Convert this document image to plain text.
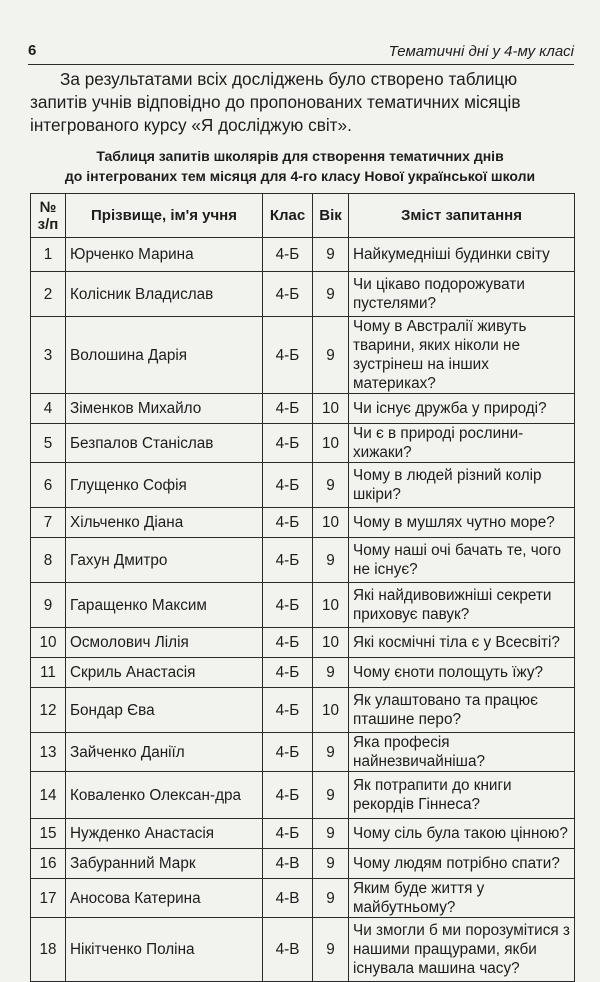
6	Тематичні дні у 4-му класі

За результатами всіх досліджень було створено таблицю запитів учнів відповідно до пропонованих тематичних місяців інтегрованого курсу «Я досліджую світ».

Таблиця запитів школярів для створення тематичних днів
до інтегрованих тем місяця для 4-го класу Нової української школи
№
з/п	Прізвище, ім'я учня	Клас	Вік	Зміст запитання
1	Юрченко Марина	4-Б	9	Найкумедніші будинки світу
2	Колісник Владислав	4-Б	9	Чи цікаво подорожувати пустелями?
3	Волошина Дарія	4-Б	9	Чому в Австралії живуть тварини, яких ніколи не зустрінеш на інших материках?
4	Зіменков Михайло	4-Б	10	Чи існує дружба у природі?
5	Безпалов Станіслав	4-Б	10	Чи є в природі рослини-хижаки?
6	Глущенко Софія	4-Б	9	Чому в людей різний колір шкіри?
7	Хільченко Діана	4-Б	10	Чому в мушлях чутно море?
8	Гахун Дмитро	4-Б	9	Чому наші очі бачать те, чого не існує?
9	Гаращенко Максим	4-Б	10	Які найдивовижніші секрети приховує павук?
10	Осмолович Лілія	4-Б	10	Які космічні тіла є у Всесвіті?
11	Скриль Анастасія	4-Б	9	Чому єноти полощуть їжу?
12	Бондар Єва	4-Б	10	Як улаштовано та працює пташине перо?
13	Зайченко Даніїл	4-Б	9	Яка професія найнезвичайніша?
14	Коваленко Олексан-дра	4-Б	9	Як потрапити до книги рекордів Гіннеса?
15	Нужденко Анастасія	4-Б	9	Чому сіль була такою цінною?
16	Забуранний Марк	4-В	9	Чому людям потрібно спати?
17	Аносова Катерина	4-В	9	Яким буде життя у майбутньому?
18	Нікітченко Поліна	4-В	9	Чи змогли б ми порозумітися з нашими пращурами, якби існувала машина часу?
